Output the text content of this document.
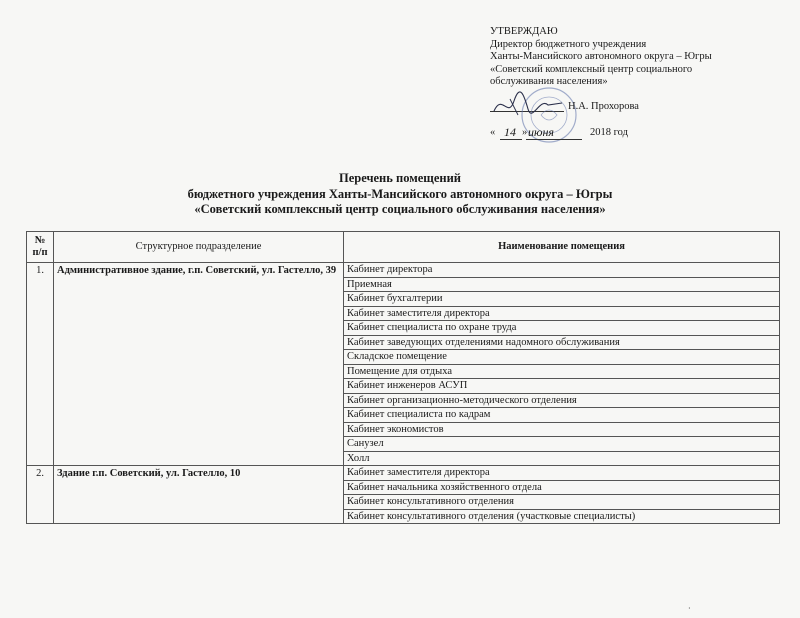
УТВЕРЖДАЮ
Директор бюджетного учреждения
Ханты-Мансийского автономного округа – Югры
«Советский комплексный центр социального
обслуживания населения»
Н.А. Прохорова
« 14 » июня	2018 год
Перечень помещений
бюджетного учреждения Ханты-Мансийского автономного округа – Югры
«Советский комплексный центр социального обслуживания населения»
№ п/п	Структурное подразделение	Наименование помещения
1.	Административное здание, г.п. Советский, ул. Гастелло, 39	Кабинет директора
		Приемная
		Кабинет бухгалтерии
		Кабинет заместителя директора
		Кабинет специалиста по охране труда
		Кабинет заведующих отделениями надомного обслуживания
		Складское помещение
		Помещение для отдыха
		Кабинет инженеров АСУП
		Кабинет организационно-методического отделения
		Кабинет специалиста по кадрам
		Кабинет экономистов
		Санузел
		Холл
2.	Здание г.п. Советский, ул. Гастелло, 10	Кабинет заместителя директора
		Кабинет начальника хозяйственного отдела
		Кабинет консультативного отделения
		Кабинет консультативного отделения (участковые специалисты)
·
